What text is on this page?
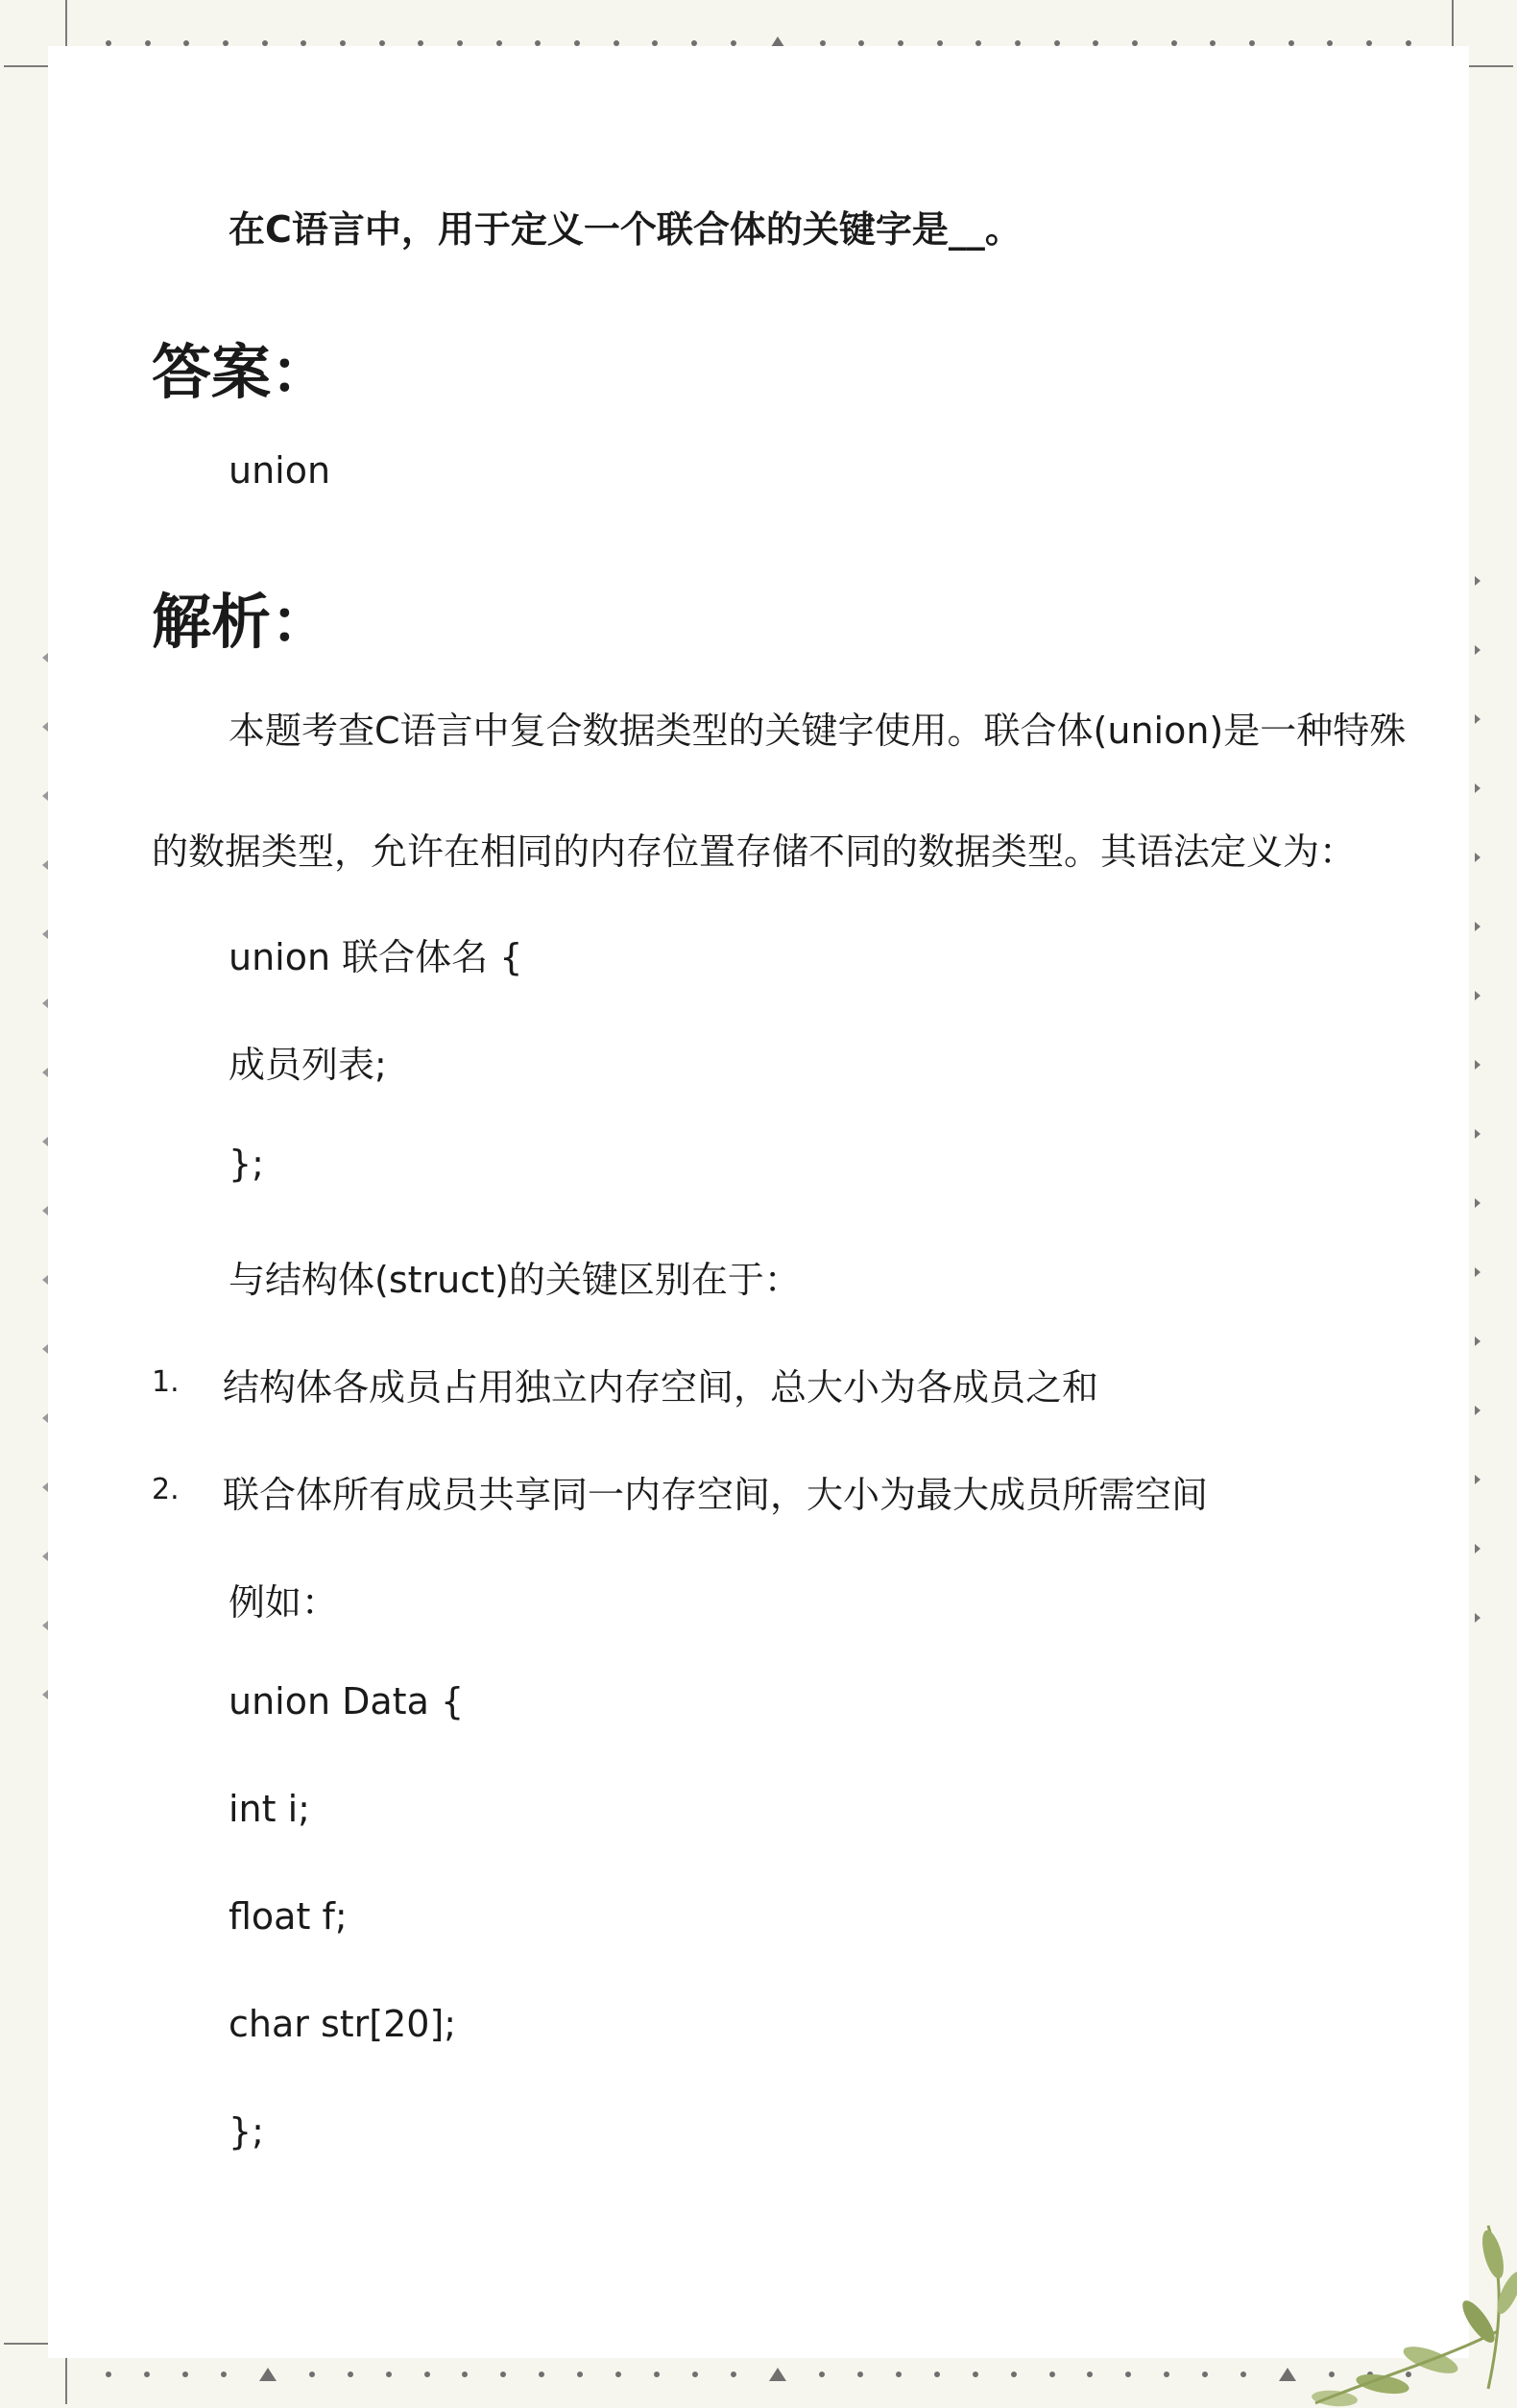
在C语言中，用于定义一个联合体的关键字是__。
答案：
union
解析：
本题考查C语言中复合数据类型的关键字使用。联合体(union)是一种特殊
的数据类型，允许在相同的内存位置存储不同的数据类型。其语法定义为：
union 联合体名 {
成员列表;
};
与结构体(struct)的关键区别在于：
1. 结构体各成员占用独立内存空间，总大小为各成员之和
2. 联合体所有成员共享同一内存空间，大小为最大成员所需空间
例如：
union Data {
int i;
float f;
char str[20];
};
